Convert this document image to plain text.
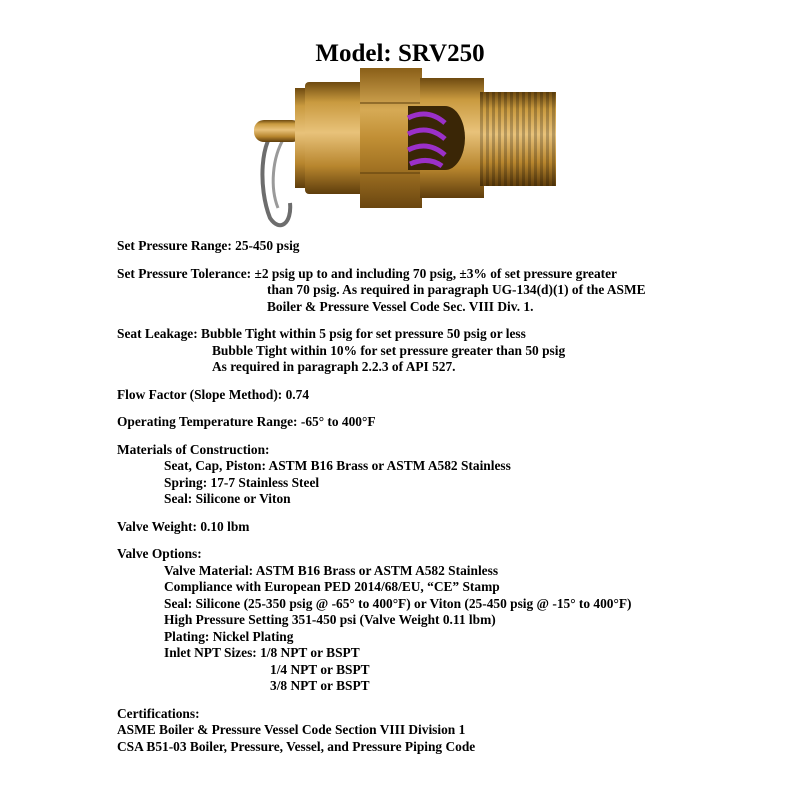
Model: SRV250
Set Pressure Range: 25-450 psig
Set Pressure Tolerance: ±2 psig up to and including 70 psig, ±3% of set pressure greater
than 70 psig. As required in paragraph UG-134(d)(1) of the ASME
Boiler & Pressure Vessel Code Sec. VIII Div. 1.
Seat Leakage: Bubble Tight within 5 psig for set pressure 50 psig or less
Bubble Tight within 10% for set pressure greater than 50 psig
As required in paragraph 2.2.3 of API 527.
Flow Factor (Slope Method): 0.74
Operating Temperature Range: -65° to 400°F
Materials of Construction:
Seat, Cap, Piston: ASTM B16 Brass or ASTM A582 Stainless
Spring: 17-7 Stainless Steel
Seal: Silicone or Viton
Valve Weight: 0.10 lbm
Valve Options:
Valve Material: ASTM B16 Brass or ASTM A582 Stainless
Compliance with European PED 2014/68/EU, “CE” Stamp
Seal: Silicone (25-350 psig @ -65° to 400°F) or Viton (25-450 psig @ -15° to 400°F)
High Pressure Setting 351-450 psi (Valve Weight 0.11 lbm)
Plating: Nickel Plating
Inlet NPT Sizes: 1/8 NPT or BSPT
1/4 NPT or BSPT
3/8 NPT or BSPT
Certifications:
ASME Boiler & Pressure Vessel Code Section VIII Division 1
CSA B51-03 Boiler, Pressure, Vessel, and Pressure Piping Code
